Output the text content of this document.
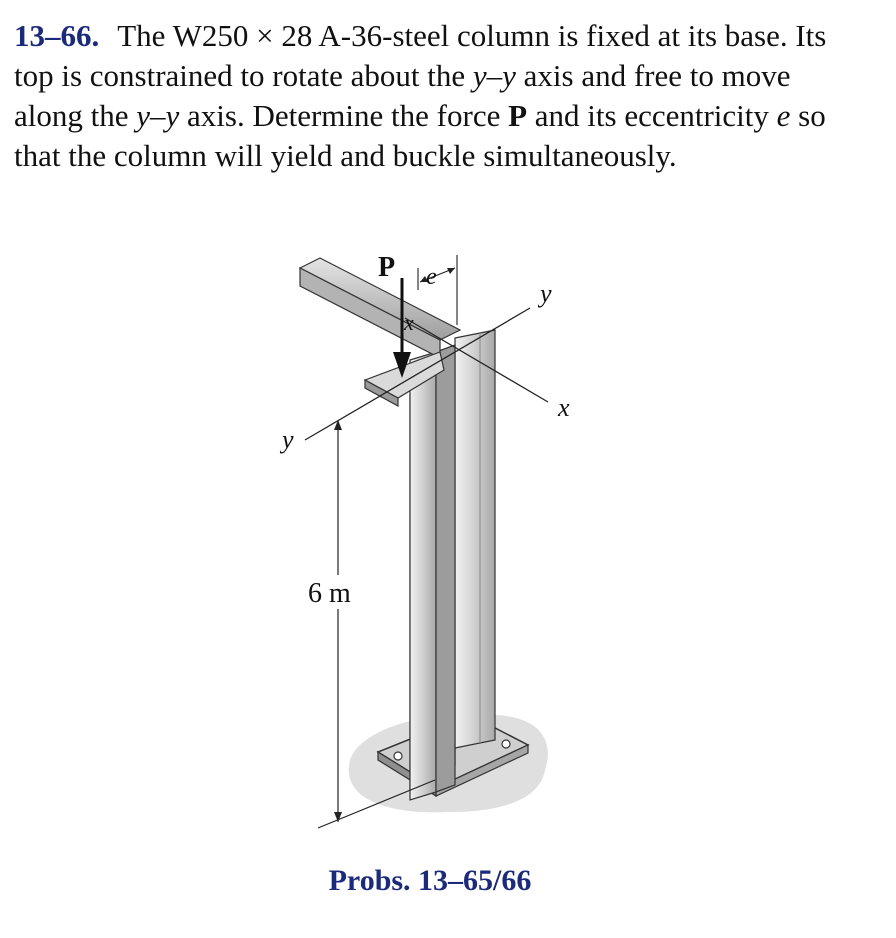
13–66. The W250 × 28 A-36-steel column is fixed at its base. Its top is constrained to rotate about the y–y axis and free to move along the y–y axis. Determine the force P and its eccentricity e so that the column will yield and buckle simultaneously.

P e
x
y
x
y
6 m

Probs. 13–65/66
